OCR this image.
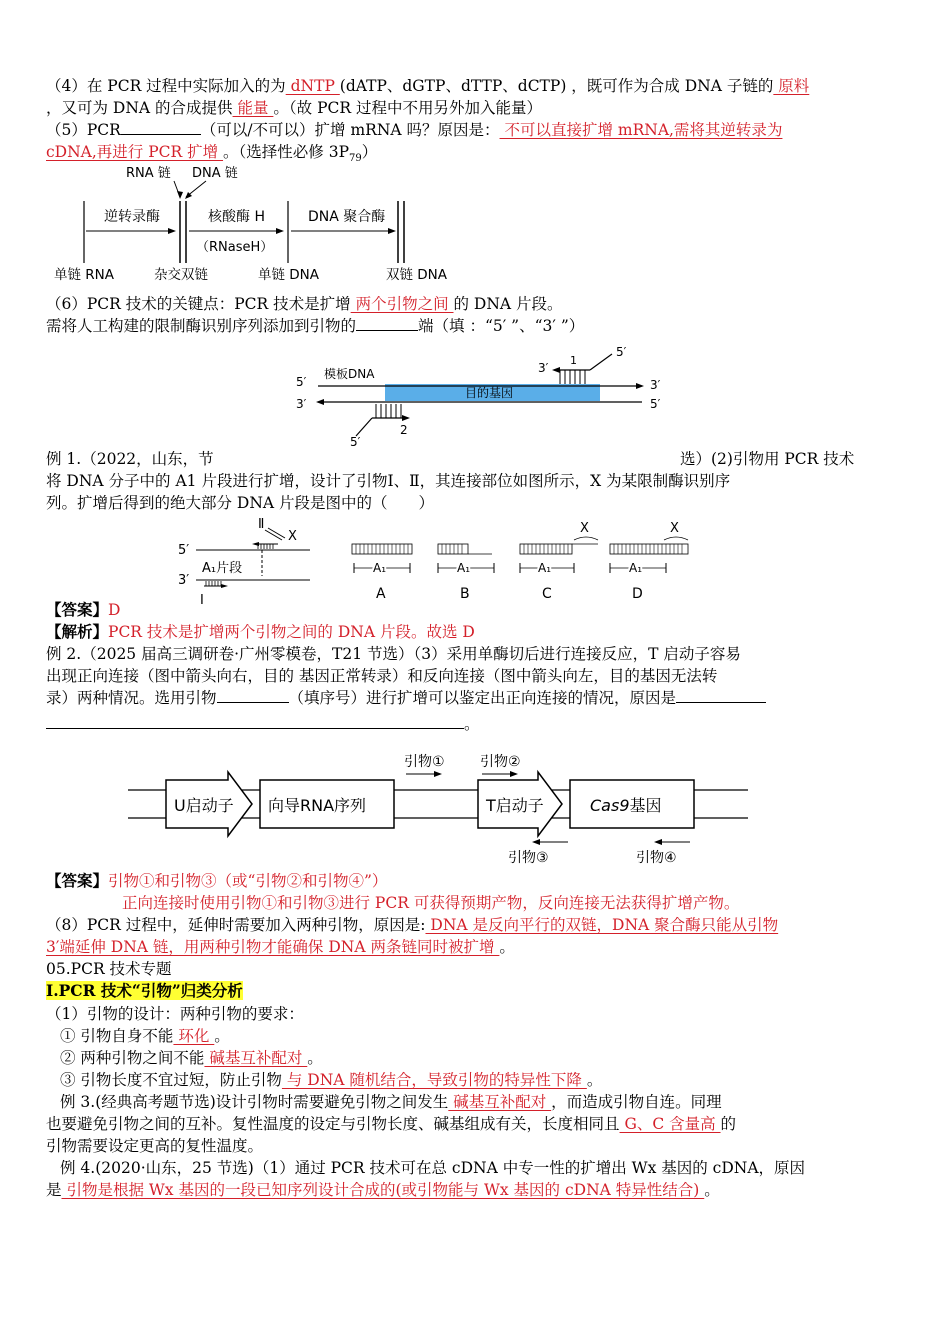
（4）在 PCR 过程中实际加入的为 dNTP (dATP、dGTP、dTTP、dCTP) ，既可作为合成 DNA 子链的 原料
，又可为 DNA 的合成提供 能量 。（故 PCR 过程中不用另外加入能量）
（5）PCR	（可以/不可以）扩增 mRNA 吗？原因是： 不可以直接扩增 mRNA,需将其逆转录为
cDNA,再进行 PCR 扩增 。（选择性必修 $3P_{79}$）
RNA 链 DNA 链
逆转录酶	核酸酶 H
（RNaseH）
DNA 聚合酶
单链 RNA	杂交双链	单链 DNA	双链 DNA
（6）PCR 技术的关键点：PCR 技术是扩增 两个引物之间 的 DNA 片段。
需将人工构建的限制酶识别序列添加到引物的	端（填 ：“5′ ”、“3′ ”）
5′
3′
模板DNA
目的基因
3′
5′
3′
5′
1
5′
2
例 1.（2022，山东，节	选）(2)引物用 PCR 技术
将 DNA 分子中的 A1 片段进行扩增，设计了引物Ⅰ、Ⅱ，其连接部位如图所示，X 为某限制酶识别序
列。扩增后得到的绝大部分 DNA 片段是图中的（　　）
Ⅱ
X
5′
A₁片段
3′
Ⅰ
A₁
A
A₁
B
X
A₁
C
X
A₁
D
【答案】D
【解析】PCR 技术是扩增两个引物之间的 DNA 片段。故选 D
例 2.（2025 届高三调研卷·广州零模卷，T21 节选）（3）采用单酶切后进行连接反应，T 启动子容易
出现正向连接（图中箭头向右，目的 基因正常转录）和反向连接（图中箭头向左，目的基因无法转
录）两种情况。选用引物	（填序号）进行扩增可以鉴定出正向连接的情况，原因是
。
U启动子 向导RNA序列	T启动子	Cas9基因
引物①	引物②
引物③	引物④
【答案】引物①和引物③（或“引物②和引物④”）
正向连接时使用引物①和引物③进行 PCR 可获得预期产物，反向连接无法获得扩增产物。
（8）PCR 过程中，延伸时需要加入两种引物，原因是: DNA 是反向平行的双链，DNA 聚合酶只能从引物
3′端延伸 DNA 链，用两种引物才能确保 DNA 两条链同时被扩增 。
05.PCR 技术专题
Ⅰ.PCR 技术“引物”归类分析
（1）引物的设计：两种引物的要求：
① 引物自身不能 环化 。
② 两种引物之间不能 碱基互补配对 。
③ 引物长度不宜过短，防止引物 与 DNA 随机结合，导致引物的特异性下降 。
例 3.(经典高考题节选)设计引物时需要避免引物之间发生 碱基互补配对 ，而造成引物自连。同理
也要避免引物之间的互补。复性温度的设定与引物长度、碱基组成有关，长度相同且 G、C 含量高 的
引物需要设定更高的复性温度。
例 4.(2020·山东，25 节选)（1）通过 PCR 技术可在总 cDNA 中专一性的扩增出 Wx 基因的 cDNA，原因
是 引物是根据 Wx 基因的一段已知序列设计合成的(或引物能与 Wx 基因的 cDNA 特异性结合) 。
